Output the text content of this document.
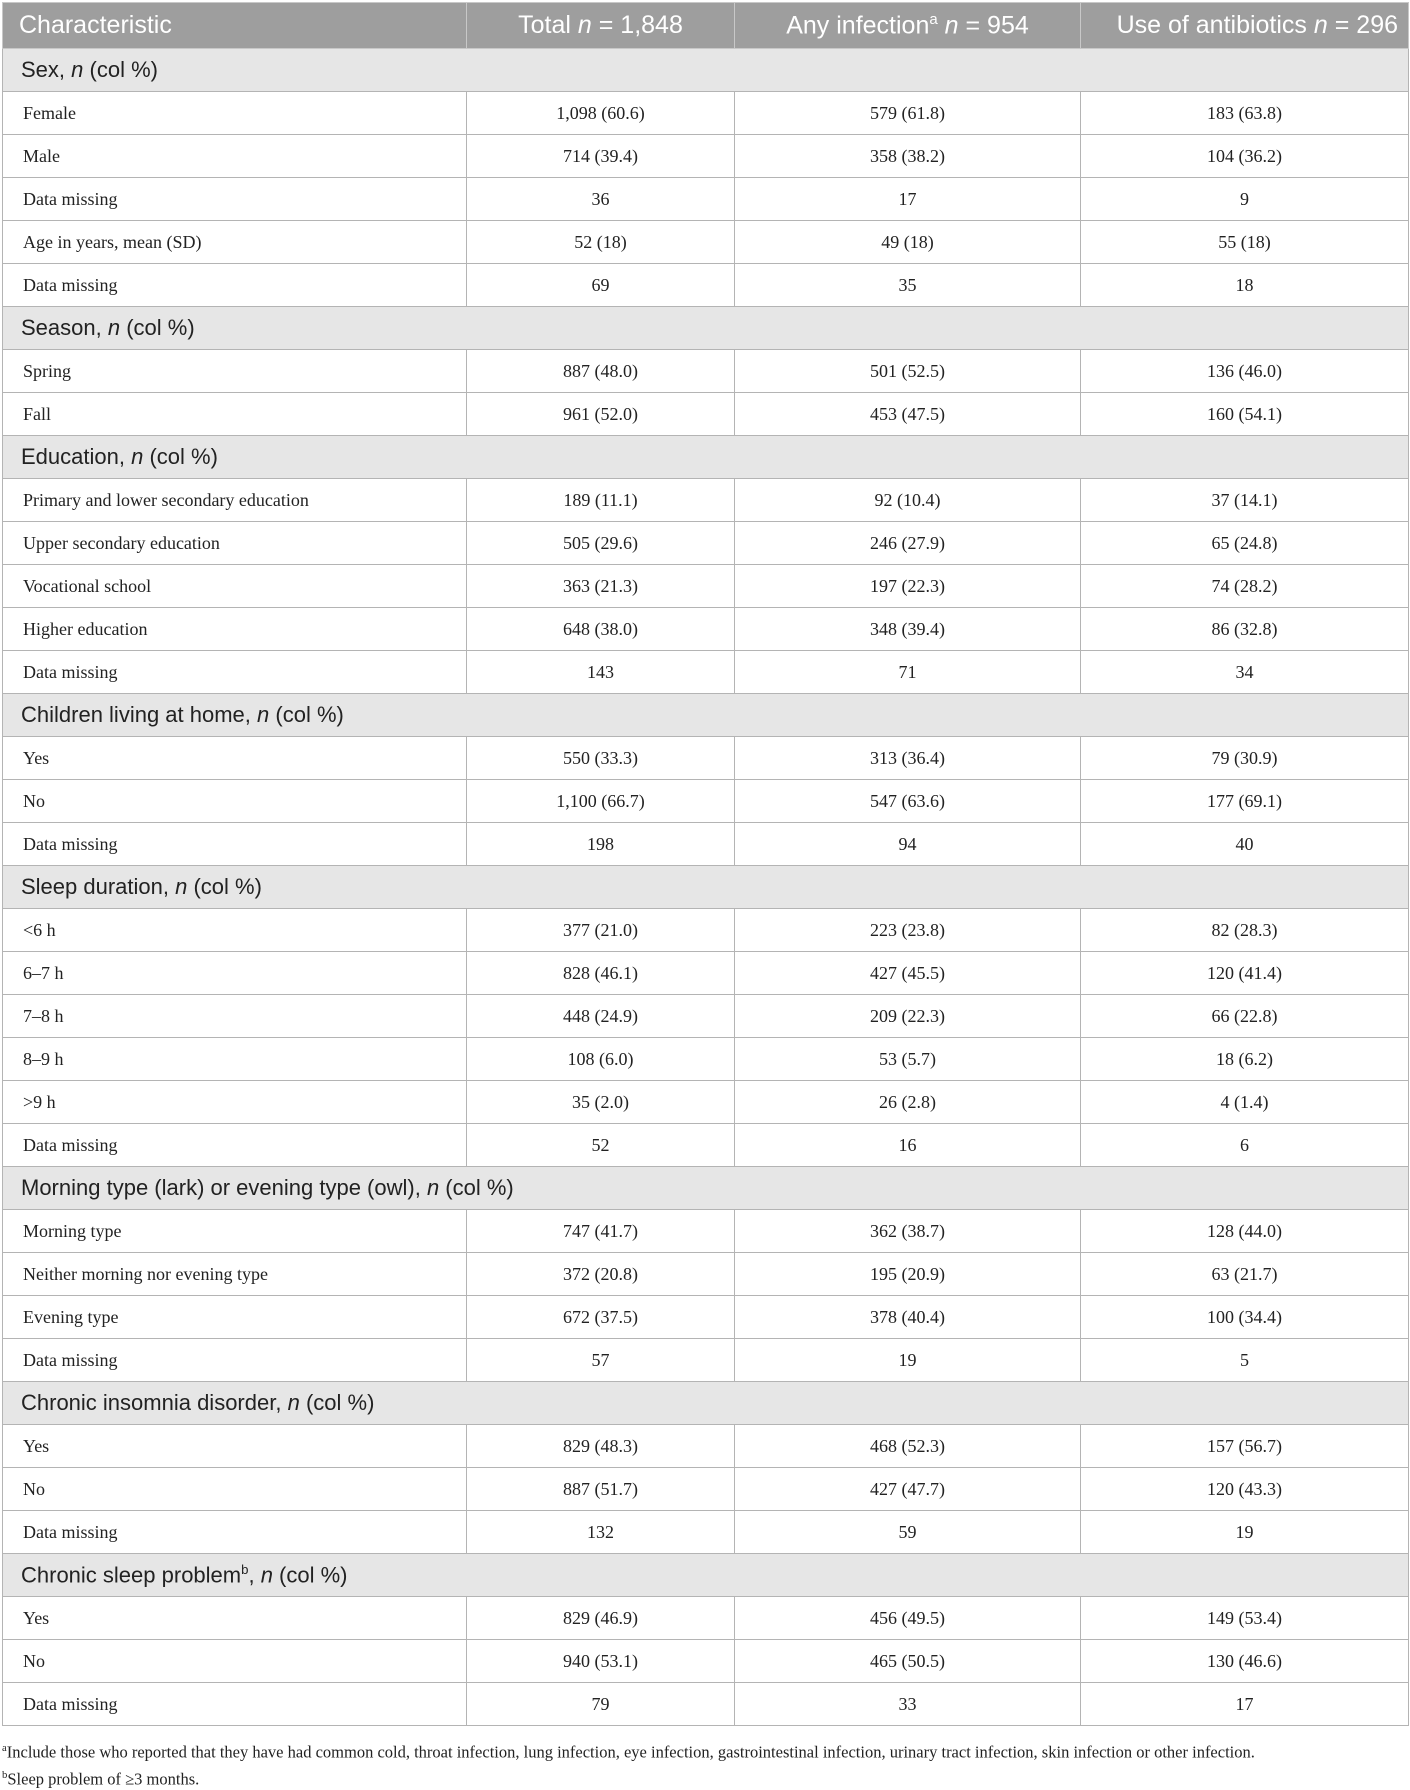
Characteristic	Total n = 1,848	Any infection$^a$ n = 954	Use of antibiotics n = 296
Sex, n (col %)			
Female	1,098 (60.6)	579 (61.8)	183 (63.8)
Male	714 (39.4)	358 (38.2)	104 (36.2)
Data missing	36	17	9
Age in years, mean (SD)	52 (18)	49 (18)	55 (18)
Data missing	69	35	18
Season, n (col %)			
Spring	887 (48.0)	501 (52.5)	136 (46.0)
Fall	961 (52.0)	453 (47.5)	160 (54.1)
Education, n (col %)			
Primary and lower secondary education	189 (11.1)	92 (10.4)	37 (14.1)
Upper secondary education	505 (29.6)	246 (27.9)	65 (24.8)
Vocational school	363 (21.3)	197 (22.3)	74 (28.2)
Higher education	648 (38.0)	348 (39.4)	86 (32.8)
Data missing	143	71	34
Children living at home, n (col %)			
Yes	550 (33.3)	313 (36.4)	79 (30.9)
No	1,100 (66.7)	547 (63.6)	177 (69.1)
Data missing	198	94	40
Sleep duration, n (col %)			
<6 h	377 (21.0)	223 (23.8)	82 (28.3)
6–7 h	828 (46.1)	427 (45.5)	120 (41.4)
7–8 h	448 (24.9)	209 (22.3)	66 (22.8)
8–9 h	108 (6.0)	53 (5.7)	18 (6.2)
>9 h	35 (2.0)	26 (2.8)	4 (1.4)
Data missing	52	16	6
Morning type (lark) or evening type (owl), n (col %)			
Morning type	747 (41.7)	362 (38.7)	128 (44.0)
Neither morning nor evening type	372 (20.8)	195 (20.9)	63 (21.7)
Evening type	672 (37.5)	378 (40.4)	100 (34.4)
Data missing	57	19	5
Chronic insomnia disorder, n (col %)			
Yes	829 (48.3)	468 (52.3)	157 (56.7)
No	887 (51.7)	427 (47.7)	120 (43.3)
Data missing	132	59	19
Chronic sleep problem$^b$, n (col %)			
Yes	829 (46.9)	456 (49.5)	149 (53.4)
No	940 (53.1)	465 (50.5)	130 (46.6)
Data missing	79	33	17

$^a$Include those who reported that they have had common cold, throat infection, lung infection, eye infection, gastrointestinal infection, urinary tract infection, skin infection or other infection.

$^b$Sleep problem of ≥3 months.
